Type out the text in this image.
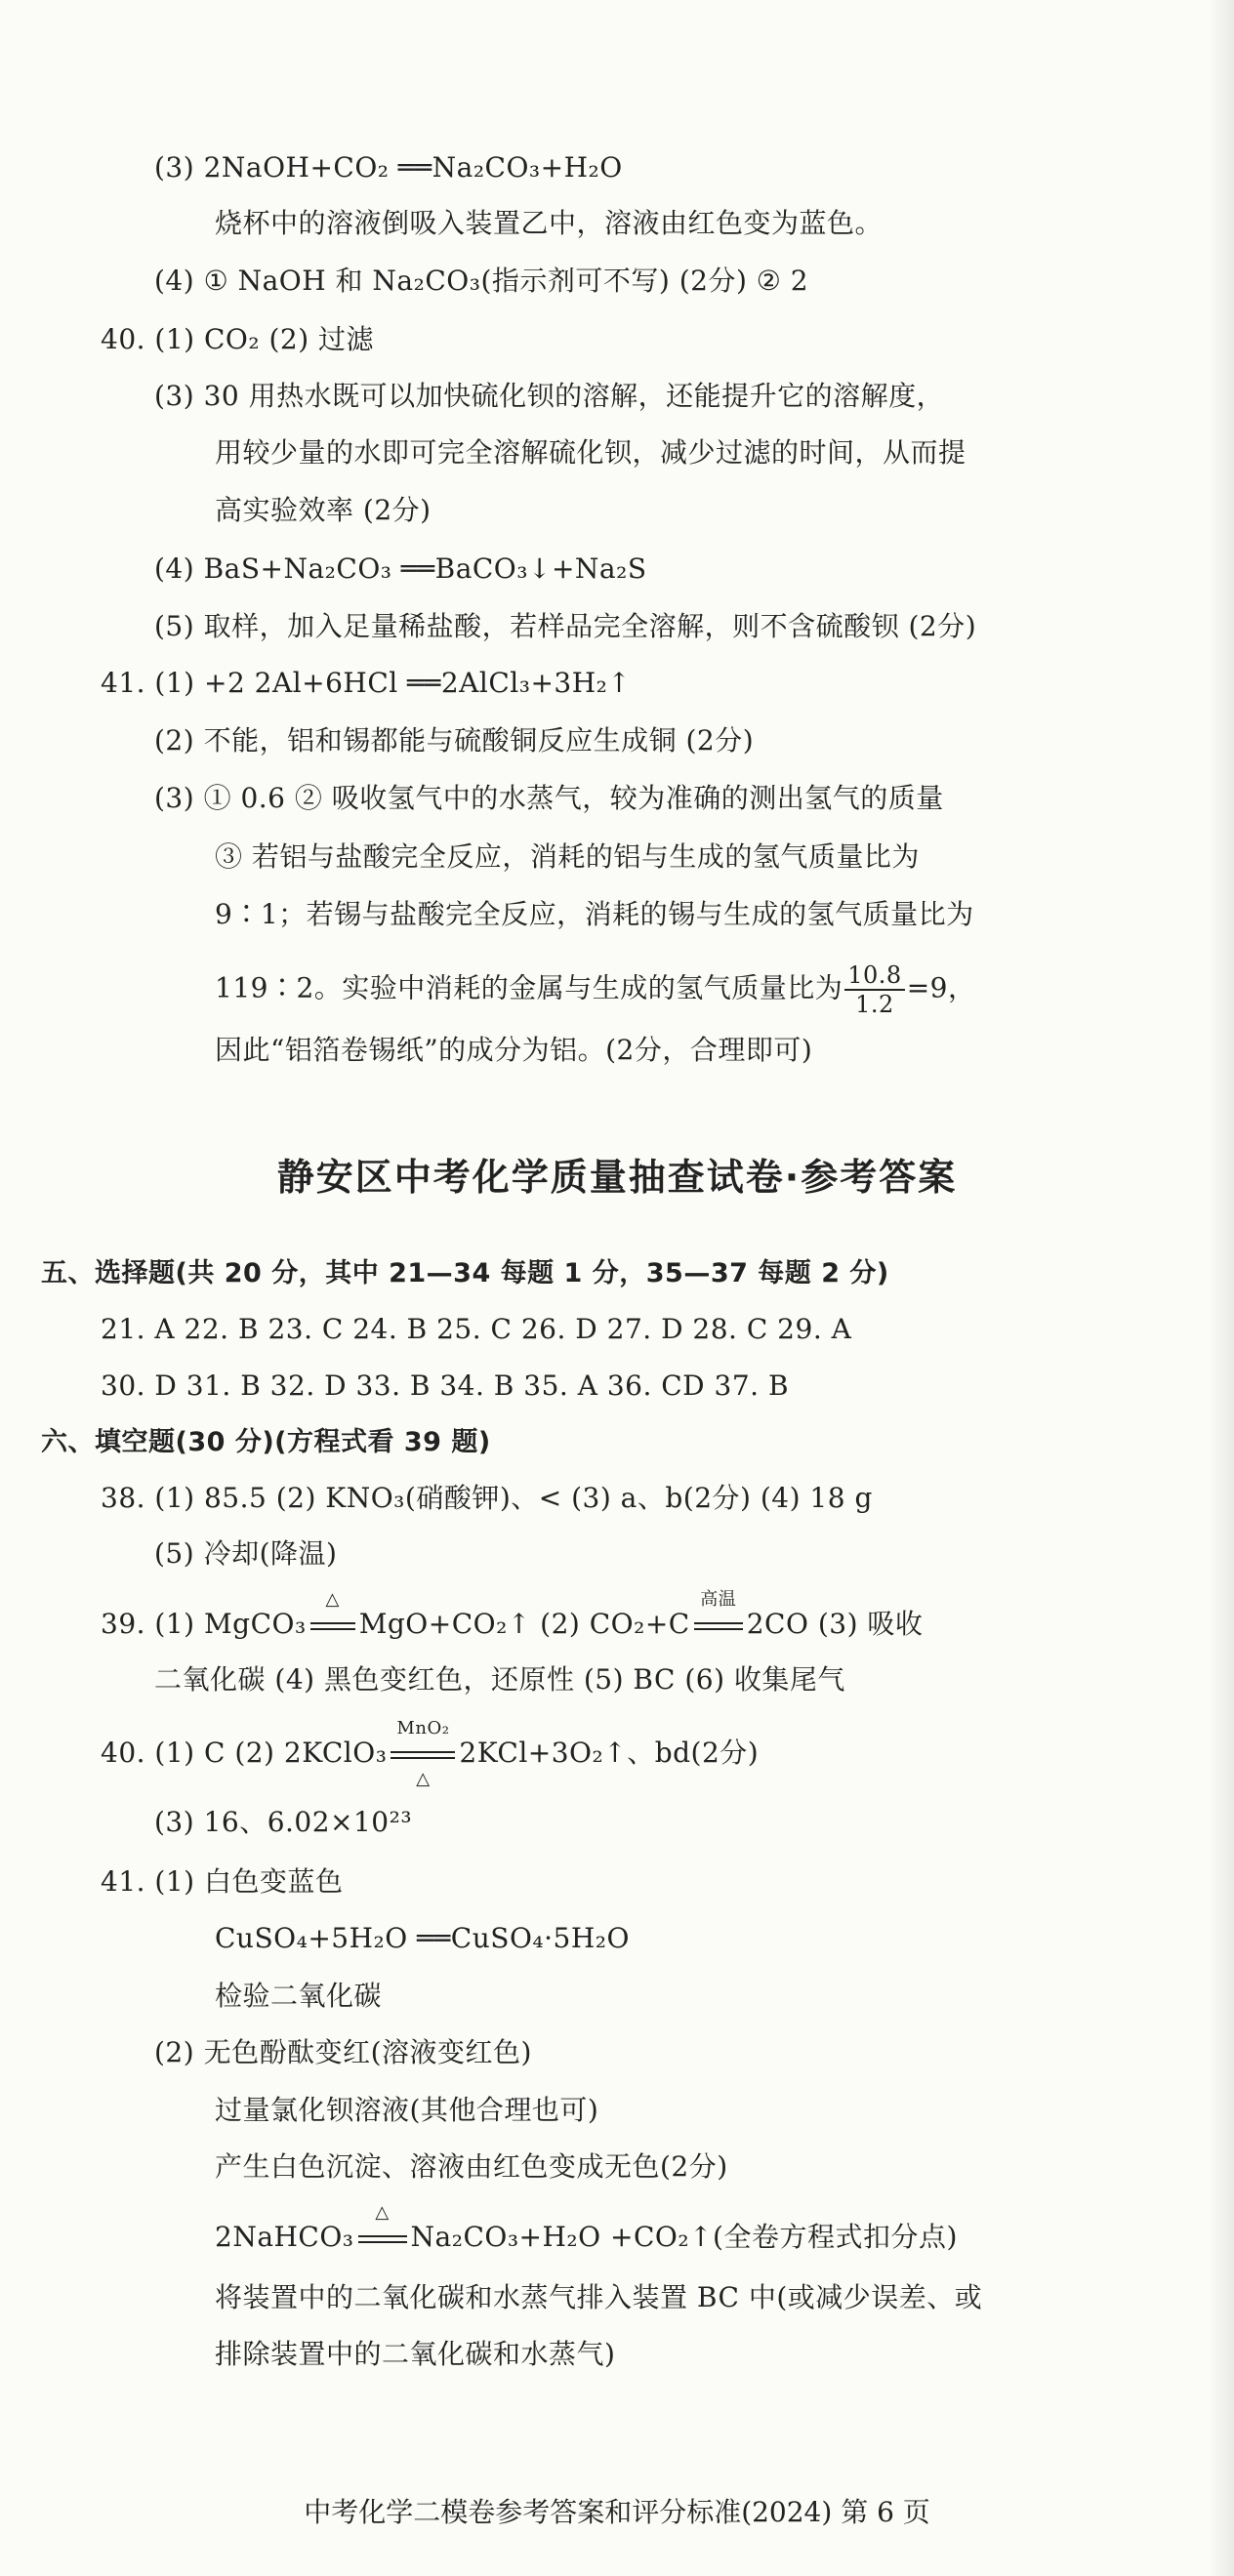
(3) 2NaOH+CO₂ ══Na₂CO₃+H₂O
烧杯中的溶液倒吸入装置乙中，溶液由红色变为蓝色。
(4) ① NaOH 和 Na₂CO₃(指示剂可不写) (2分) ② 2
40. (1) CO₂ (2) 过滤
(3) 30 用热水既可以加快硫化钡的溶解，还能提升它的溶解度，
用较少量的水即可完全溶解硫化钡，减少过滤的时间，从而提
高实验效率 (2分)
(4) BaS+Na₂CO₃ ══BaCO₃↓+Na₂S
(5) 取样，加入足量稀盐酸，若样品完全溶解，则不含硫酸钡 (2分)
41. (1) +2 2Al+6HCl ══2AlCl₃+3H₂↑
(2) 不能，铝和锡都能与硫酸铜反应生成铜 (2分)
(3) ① 0.6 ② 吸收氢气中的水蒸气，较为准确的测出氢气的质量
③ 若铝与盐酸完全反应，消耗的铝与生成的氢气质量比为
9∶1；若锡与盐酸完全反应，消耗的锡与生成的氢气质量比为
119∶2。实验中消耗的金属与生成的氢气质量比为 $\frac{10.8}{1.2} =9$，
因此“铝箔卷锡纸”的成分为铝。(2分，合理即可)
静安区中考化学质量抽查试卷·参考答案
五、选择题(共 20 分，其中 21—34 每题 1 分，35—37 每题 2 分)
21. A 22. B 23. C 24. B 25. C 26. D 27. D 28. C 29. A
30. D 31. B 32. D 33. B 34. B 35. A 36. CD 37. B
六、填空题(30 分)(方程式看 39 题)
38. (1) 85.5 (2) KNO₃(硝酸钾)、< (3) a、b(2分) (4) 18 g
(5) 冷却(降温)
39. (1) MgCO₃
△
MgO+CO₂↑ (2) CO₂+C
高温
2CO (3) 吸收
二氧化碳 (4) 黑色变红色，还原性 (5) BC (6) 收集尾气
40. (1) C (2) 2KClO₃
MnO₂
△
2KCl+3O₂↑、bd(2分)
(3) 16、6.02×10²³
41. (1) 白色变蓝色
CuSO₄+5H₂O ══CuSO₄·5H₂O
检验二氧化碳
(2) 无色酚酞变红(溶液变红色)
过量氯化钡溶液(其他合理也可)
产生白色沉淀、溶液由红色变成无色(2分)
2NaHCO₃
△
Na₂CO₃+H₂O +CO₂↑(全卷方程式扣分点)
将装置中的二氧化碳和水蒸气排入装置 BC 中(或减少误差、或
排除装置中的二氧化碳和水蒸气)
中考化学二模卷参考答案和评分标准(2024) 第 6 页
